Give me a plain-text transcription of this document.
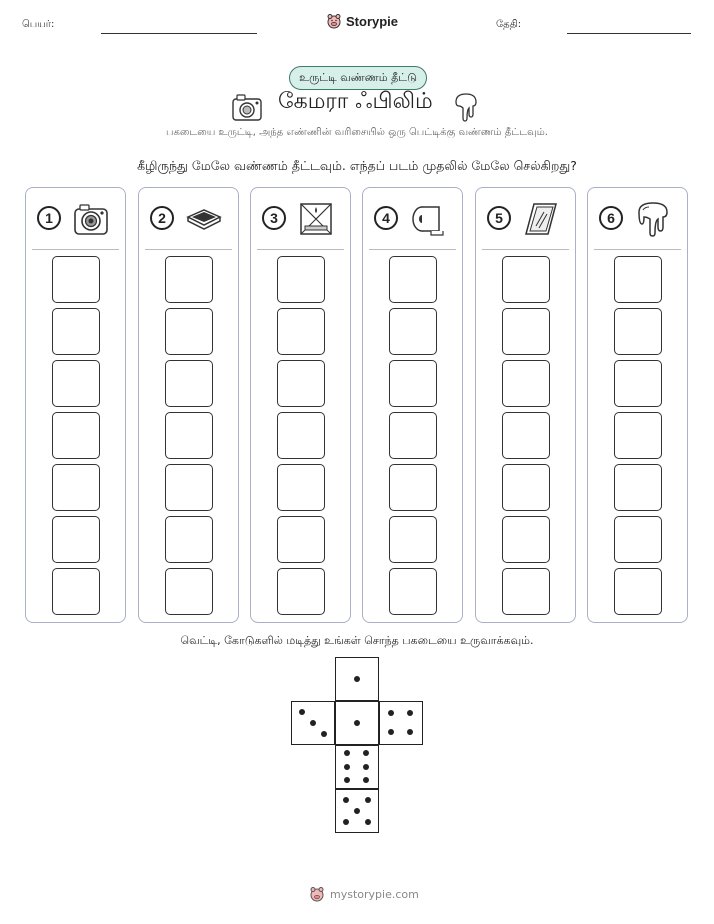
பெயர்:	Storypie	தேதி:
உருட்டி வண்ணம் தீட்டு
கேமரா ஃபிலிம்
பகடையை உருட்டி, அந்த எண்ணின் வரிசையில் ஒரு பெட்டிக்கு வண்ணம் தீட்டவும்.
கீழிருந்து மேலே வண்ணம் தீட்டவும். எந்தப் படம் முதலில் மேலே செல்கிறது?
1	2	3	4	5	6
வெட்டி, கோடுகளில் மடித்து உங்கள் சொந்த பகடையை உருவாக்கவும்.
mystorypie.com
